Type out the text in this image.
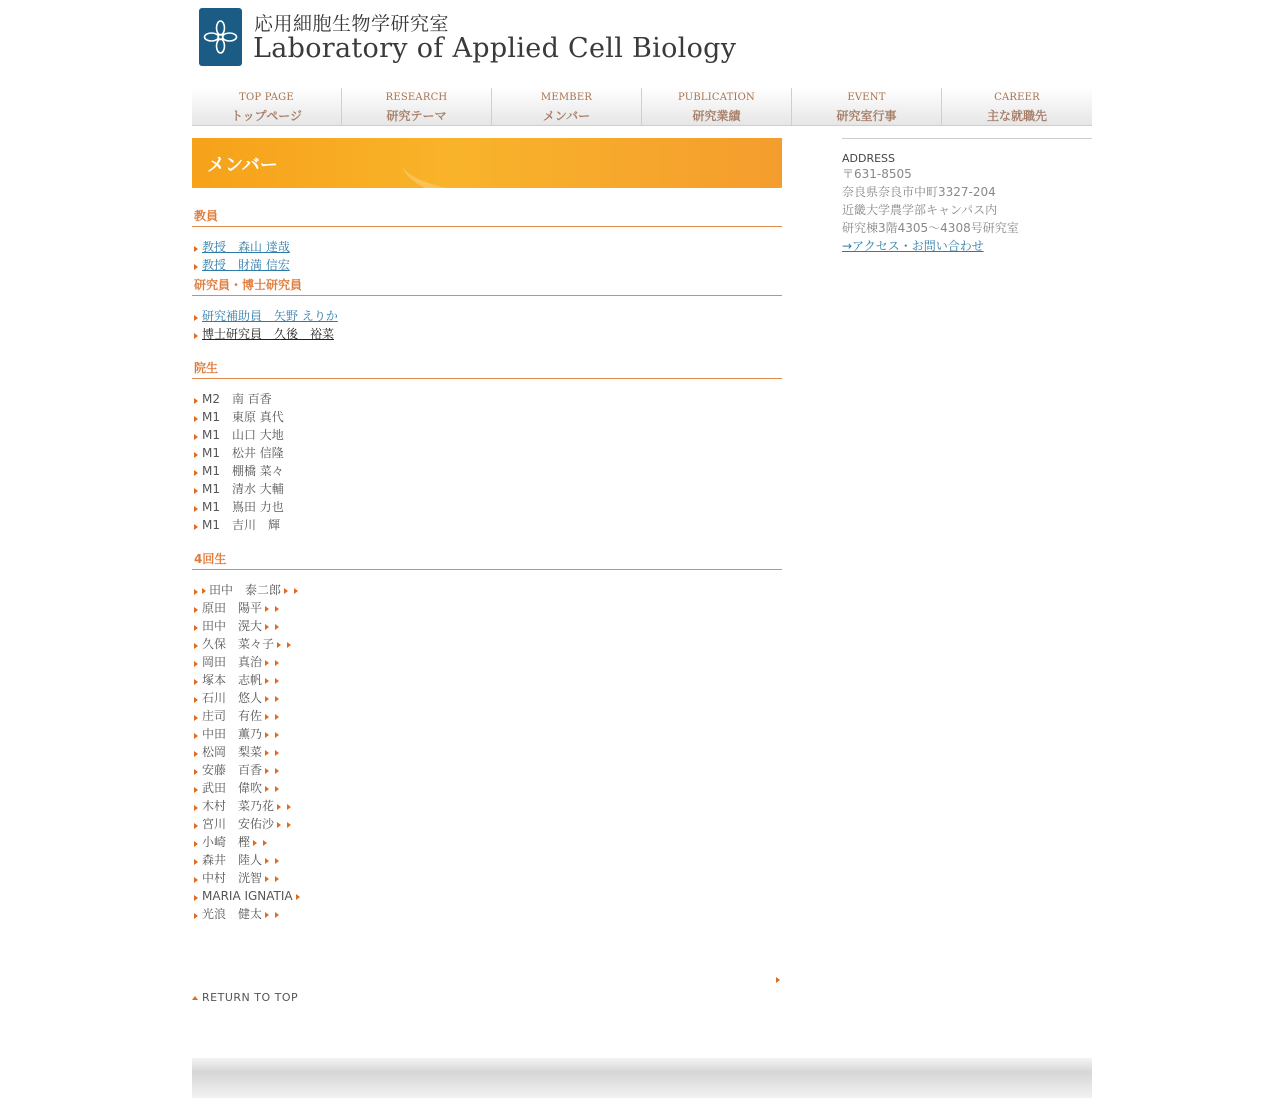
応用細胞生物学研究室
Laboratory of Applied Cell Biology
TOP PAGE
トップページ
RESEARCH
研究テーマ
MEMBER
メンバー
PUBLICATION
研究業績
EVENT
研究室行事
CAREER
主な就職先
メンバー
教員
教授　森山 達哉
教授　財満 信宏
研究員・博士研究員
研究補助員　矢野 えりか
博士研究員　久後　裕菜
院生
M2　南 百香
M1　東原 真代
M1　山口 大地
M1　松井 信隆
M1　棚橋 菜々
M1　清水 大輔
M1　嶌田 力也
M1　吉川　輝
4回生
田中　泰二郎
原田　陽平
田中　滉大
久保　菜々子
岡田　真治
塚本　志帆
石川　悠人
庄司　有佐
中田　薫乃
松岡　梨菜
安藤　百香
武田　偉吹
木村　菜乃花
宮川　安佑沙
小崎　樫
森井　陸人
中村　洸智
MARIA IGNATIA
光浪　健太
RETURN TO TOP
ADDRESS
〒631-8505
奈良県奈良市中町3327-204
近畿大学農学部キャンパス内
研究棟3階4305～4308号研究室
→アクセス・お問い合わせ
